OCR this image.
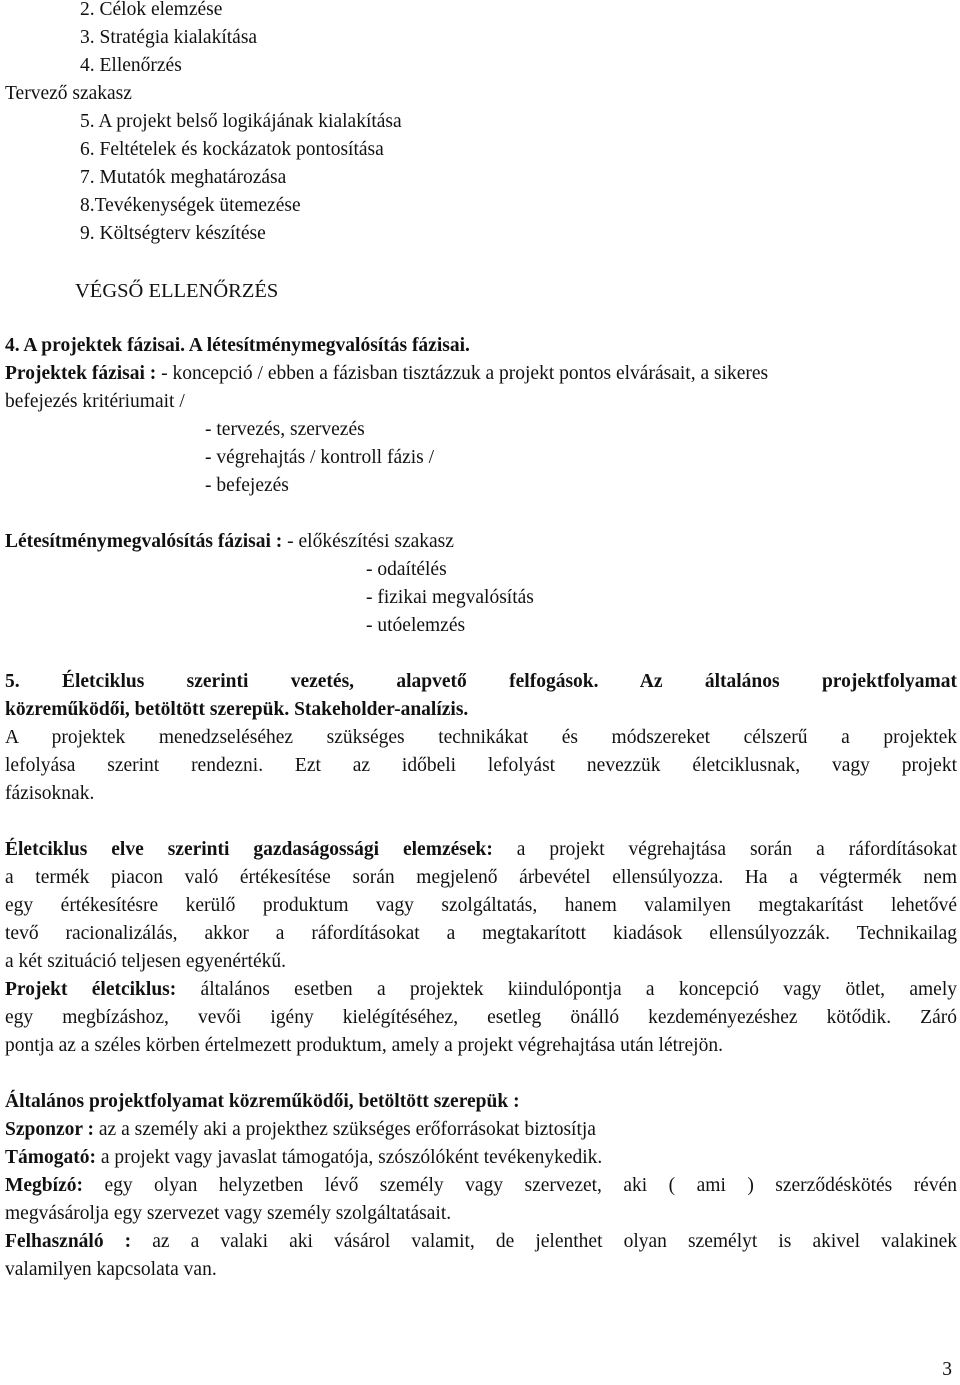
2. Célok elemzése
3. Stratégia kialakítása
4. Ellenőrzés
Tervező szakasz
5. A projekt belső logikájának kialakítása
6. Feltételek és kockázatok pontosítása
7. Mutatók meghatározása
8.Tevékenységek ütemezése
9. Költségterv készítése
VÉGSŐ ELLENŐRZÉS
4. A projektek fázisai. A létesítménymegvalósítás fázisai.
Projektek fázisai : - koncepció / ebben a fázisban tisztázzuk a projekt pontos elvárásait, a sikeres
befejezés kritériumait /
- tervezés, szervezés
- végrehajtás / kontroll fázis /
- befejezés
Létesítménymegvalósítás fázisai : - előkészítési szakasz
- odaítélés
- fizikai megvalósítás
- utóelemzés
5. Életciklus szerinti vezetés, alapvető felfogások. Az általános projektfolyamat
közreműködői, betöltött szerepük. Stakeholder-analízis.
A projektek menedzseléséhez szükséges technikákat és módszereket célszerű a projektek
lefolyása szerint rendezni. Ezt az időbeli lefolyást nevezzük életciklusnak, vagy projekt
fázisoknak.
Életciklus elve szerinti gazdaságossági elemzések: a projekt végrehajtása során a ráfordításokat
a termék piacon való értékesítése során megjelenő árbevétel ellensúlyozza. Ha a végtermék nem
egy értékesítésre kerülő produktum vagy szolgáltatás, hanem valamilyen megtakarítást lehetővé
tevő racionalizálás, akkor a ráfordításokat a megtakarított kiadások ellensúlyozzák. Technikailag
a két szituáció teljesen egyenértékű.
Projekt életciklus: általános esetben a projektek kiindulópontja a koncepció vagy ötlet, amely
egy megbízáshoz, vevői igény kielégítéséhez, esetleg önálló kezdeményezéshez kötődik. Záró
pontja az a széles körben értelmezett produktum, amely a projekt végrehajtása után létrejön.
Általános projektfolyamat közreműködői, betöltött szerepük :
Szponzor : az a személy aki a projekthez szükséges erőforrásokat biztosítja
Támogató: a projekt vagy javaslat támogatója, szószólóként tevékenykedik.
Megbízó: egy olyan helyzetben lévő személy vagy szervezet, aki ( ami ) szerződéskötés révén
megvásárolja egy szervezet vagy személy szolgáltatásait.
Felhasználó : az a valaki aki vásárol valamit, de jelenthet olyan személyt is akivel valakinek
valamilyen kapcsolata van.
3
